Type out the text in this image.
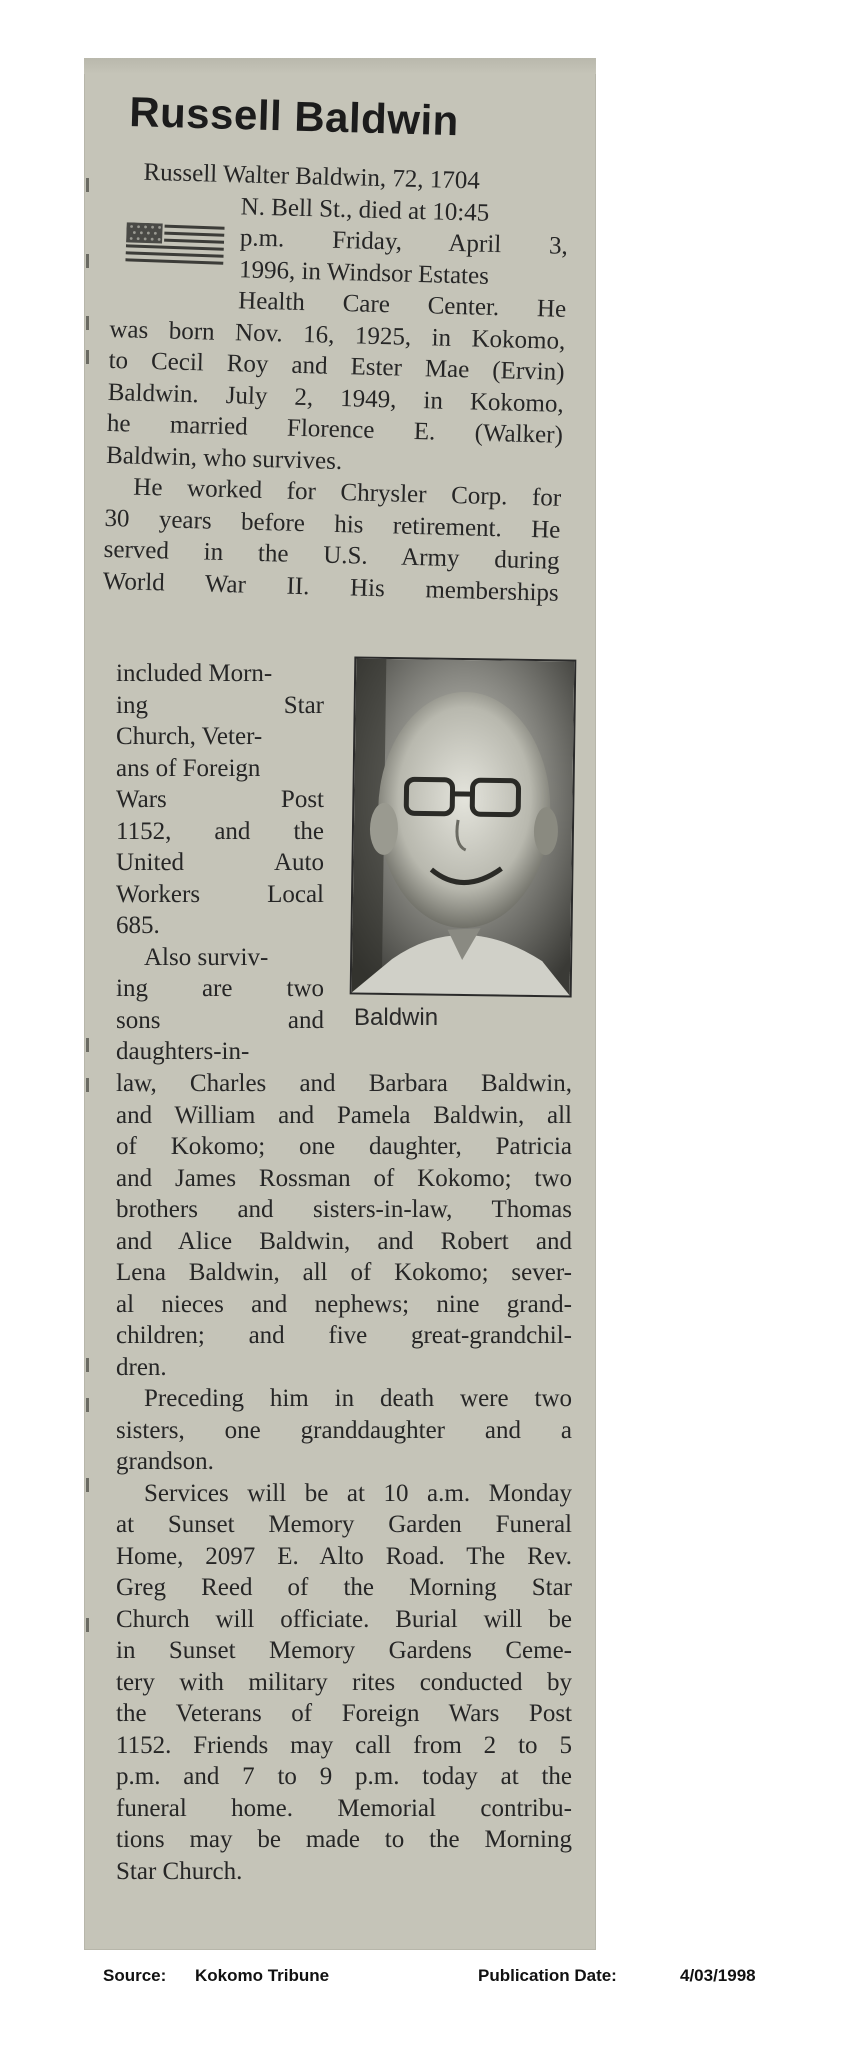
Russell Baldwin

Russell Walter Baldwin, 72, 1704

N. Bell St., died at 10:45

p.m. Friday, April 3,

1996, in Windsor Estates

Health Care Center. He

was born Nov. 16, 1925, in Kokomo,

to Cecil Roy and Ester Mae (Ervin)

Baldwin. July 2, 1949, in Kokomo,

he married Florence E. (Walker)

Baldwin, who survives.

He worked for Chrysler Corp. for

30 years before his retirement. He

served in the U.S. Army during

World War II. His memberships

included Morn-

ing Star

Church, Veter-

ans of Foreign

Wars Post

1152, and the

United Auto

Workers Local

685.

Also surviv-

ing are two

sons and

daughters-in-

Baldwin

law, Charles and Barbara Baldwin,

and William and Pamela Baldwin, all

of Kokomo; one daughter, Patricia

and James Rossman of Kokomo; two

brothers and sisters-in-law, Thomas

and Alice Baldwin, and Robert and

Lena Baldwin, all of Kokomo; sever-

al nieces and nephews; nine grand-

children; and five great-grandchil-

dren.

Preceding him in death were two

sisters, one granddaughter and a

grandson.

Services will be at 10 a.m. Monday

at Sunset Memory Garden Funeral

Home, 2097 E. Alto Road. The Rev.

Greg Reed of the Morning Star

Church will officiate. Burial will be

in Sunset Memory Gardens Ceme-

tery with military rites conducted by

the Veterans of Foreign Wars Post

1152. Friends may call from 2 to 5

p.m. and 7 to 9 p.m. today at the

funeral home. Memorial contribu-

tions may be made to the Morning

Star Church.

Source: Kokomo Tribune	Publication Date:	4/03/1998
